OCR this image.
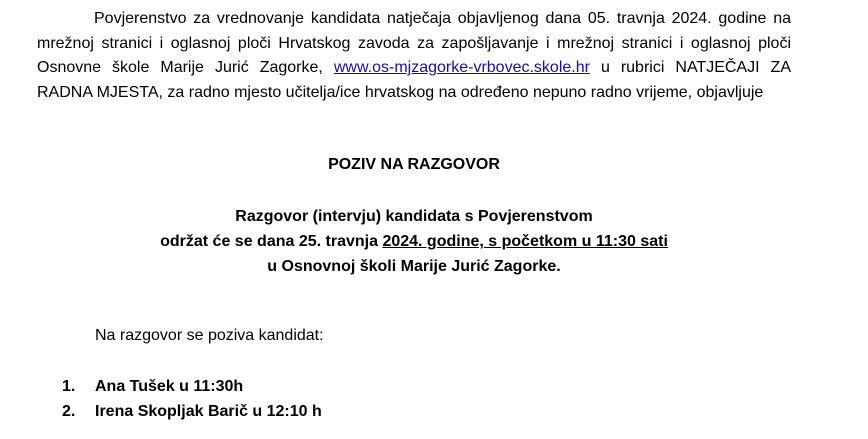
Povjerenstvo za vrednovanje kandidata natječaja objavljenog dana 05. travnja 2024. godine na mrežnoj stranici i oglasnoj ploči Hrvatskog zavoda za zapošljavanje i mrežnoj stranici i oglasnoj ploči Osnovne škole Marije Jurić Zagorke, www.os-mjzagorke-vrbovec.skole.hr u rubrici NATJEČAJI ZA RADNA MJESTA, za radno mjesto učitelja/ice hrvatskog na određeno nepuno radno vrijeme, objavljuje

POZIV NA RAZGOVOR

Razgovor (intervju) kandidata s Povjerenstvom
održat će se dana 25. travnja 2024. godine, s početkom u 11:30 sati
u Osnovnoj školi Marije Jurić Zagorke.

Na razgovor se poziva kandidat:

1.	Ana Tušek u 11:30h
2.	Irena Skopljak Barič u 12:10 h
